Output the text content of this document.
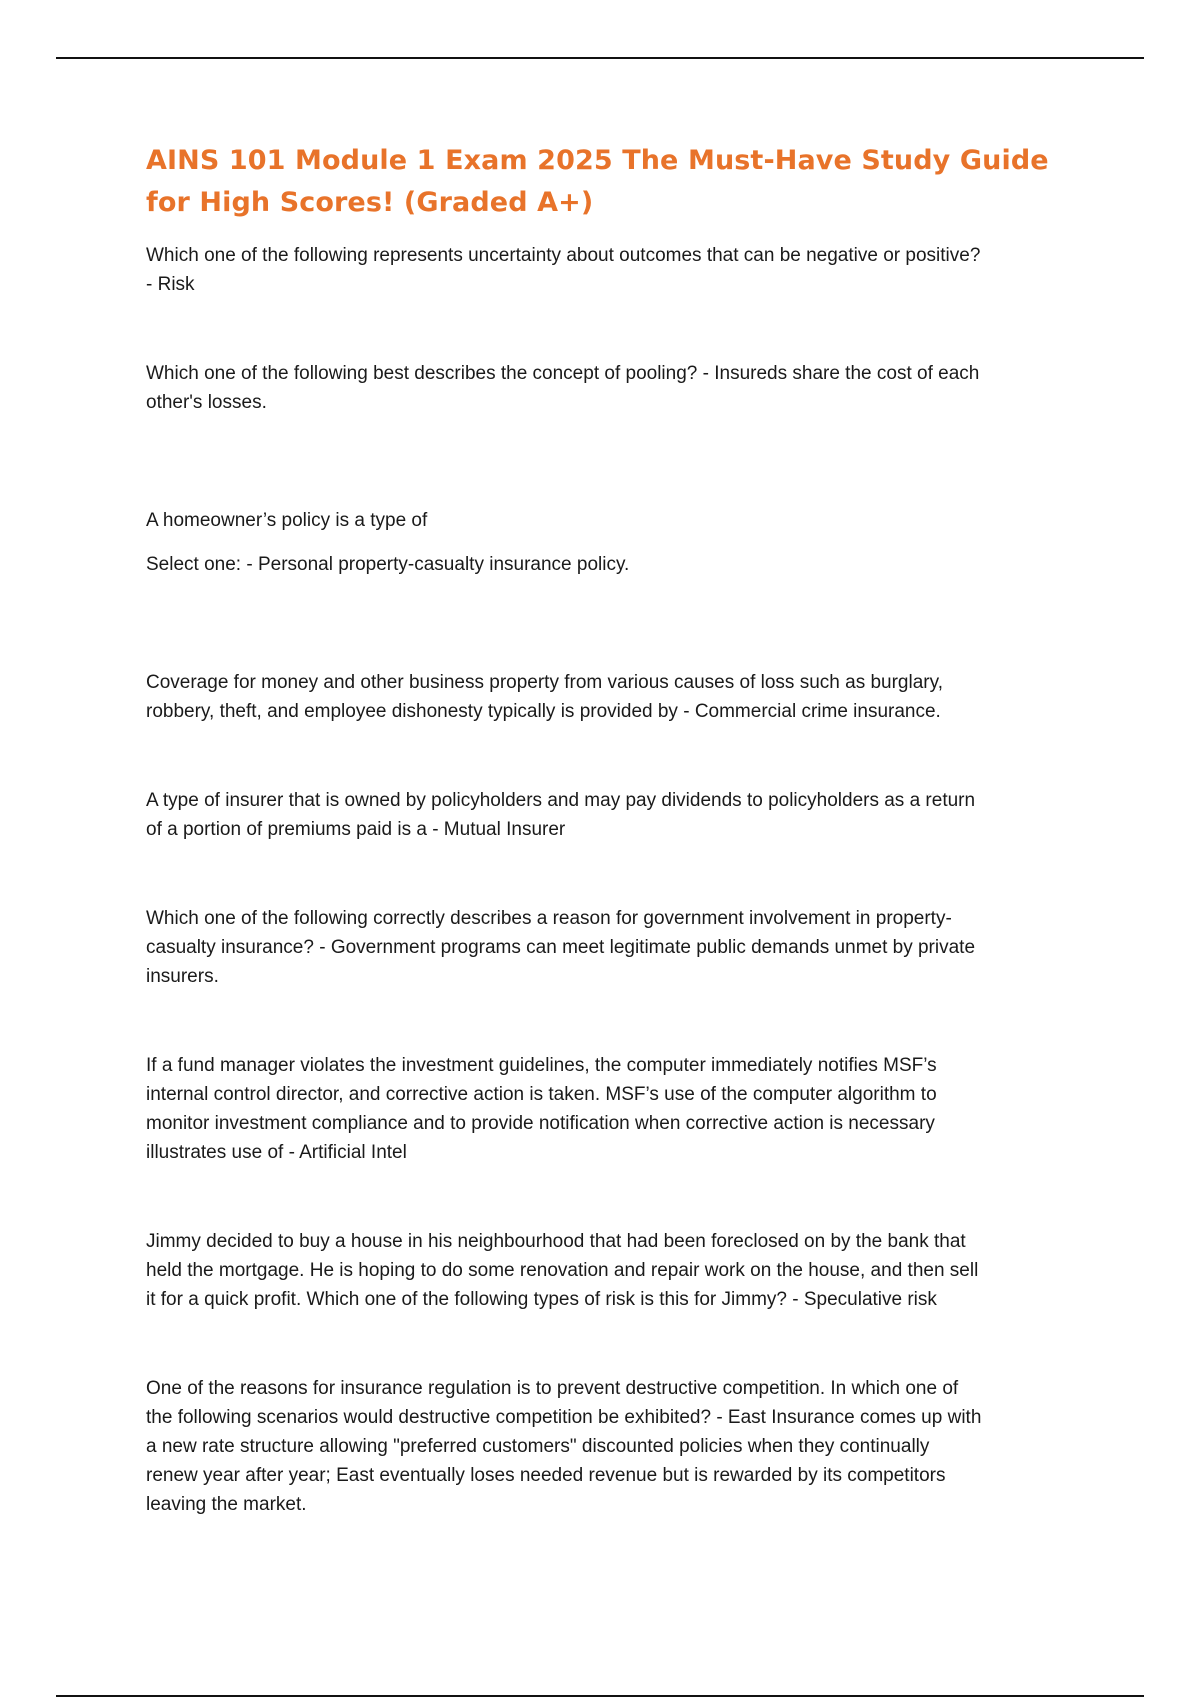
AINS 101 Module 1 Exam 2025 The Must-Have Study Guide for High Scores! (Graded A+)

Which one of the following represents uncertainty about outcomes that can be negative or positive?
- Risk

Which one of the following best describes the concept of pooling? - Insureds share the cost of each
other's losses.

A homeowner’s policy is a type of

Select one: - Personal property-casualty insurance policy.

Coverage for money and other business property from various causes of loss such as burglary,
robbery, theft, and employee dishonesty typically is provided by - Commercial crime insurance.

A type of insurer that is owned by policyholders and may pay dividends to policyholders as a return
of a portion of premiums paid is a - Mutual Insurer

Which one of the following correctly describes a reason for government involvement in property-
casualty insurance? - Government programs can meet legitimate public demands unmet by private
insurers.

If a fund manager violates the investment guidelines, the computer immediately notifies MSF’s
internal control director, and corrective action is taken. MSF’s use of the computer algorithm to
monitor investment compliance and to provide notification when corrective action is necessary
illustrates use of - Artificial Intel

Jimmy decided to buy a house in his neighbourhood that had been foreclosed on by the bank that
held the mortgage. He is hoping to do some renovation and repair work on the house, and then sell
it for a quick profit. Which one of the following types of risk is this for Jimmy? - Speculative risk

One of the reasons for insurance regulation is to prevent destructive competition. In which one of
the following scenarios would destructive competition be exhibited? - East Insurance comes up with
a new rate structure allowing "preferred customers" discounted policies when they continually
renew year after year; East eventually loses needed revenue but is rewarded by its competitors
leaving the market.
